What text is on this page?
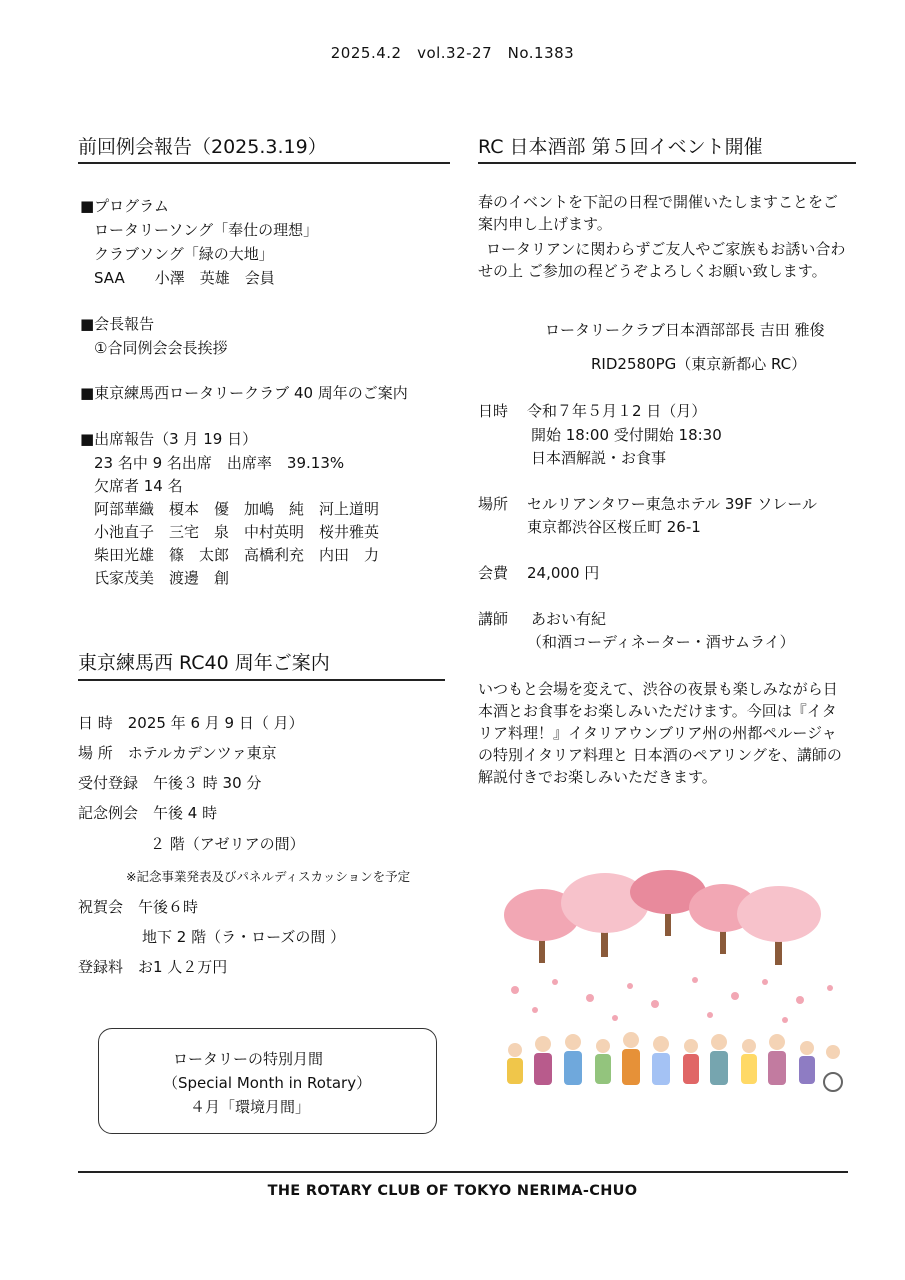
2025.4.2　vol.32-27　No.1383
前回例会報告（2025.3.19）
■プログラム
ロータリーソング「奉仕の理想」
クラブソング「緑の大地」
SAA　　小澤　英雄　会員
■会長報告
①合同例会会長挨拶
■東京練馬西ロータリークラブ 40 周年のご案内
■出席報告（3 月 19 日）
23 名中 9 名出席　出席率　39.13%
欠席者 14 名
阿部華織　榎本　優　加嶋　純　河上道明
小池直子　三宅　泉　中村英明　桜井雅英
柴田光雄　篠　太郎　高橋利充　内田　力
氏家茂美　渡邊　創
東京練馬西 RC40 周年ご案内
日 時　2025 年 6 月 9 日（ 月）
場 所　ホテルカデンツァ東京
受付登録　午後３ 時 30 分
記念例会　午後 4 時
２ 階（アゼリアの間）
※記念事業発表及びパネルディスカッションを予定
祝賀会　午後６時
地下 2 階（ラ・ローズの間 ）
登録料　お1 人２万円
ロータリーの特別月間
（Special Month in Rotary）
４月「環境月間」
RC 日本酒部 第５回イベント開催
春のイベントを下記の日程で開催いたしますことをご案内申し上げます。
ロータリアンに関わらずご友人やご家族もお誘い合わせの上 ご参加の程どうぞよろしくお願い致します。
ロータリークラブ日本酒部部長 吉田 雅俊
RID2580PG（東京新都心 RC）
日時 令和７年５月１2 日（月）
開始 18:00 受付開始 18:30
日本酒解説・お食事
場所 セルリアンタワー東急ホテル 39F ソレール
東京都渋谷区桜丘町 26-1
会費 24,000 円
講師 あおい有紀
（和酒コーディネーター・酒サムライ）
いつもと会場を変えて、渋谷の夜景も楽しみながら日本酒とお食事をお楽しみいただけます。今回は『イタリア料理！』イタリアウンブリア州の州都ペルージャの特別イタリア料理と 日本酒のペアリングを、講師の解説付きでお楽しみいただきます。
THE ROTARY CLUB OF TOKYO NERIMA-CHUO
